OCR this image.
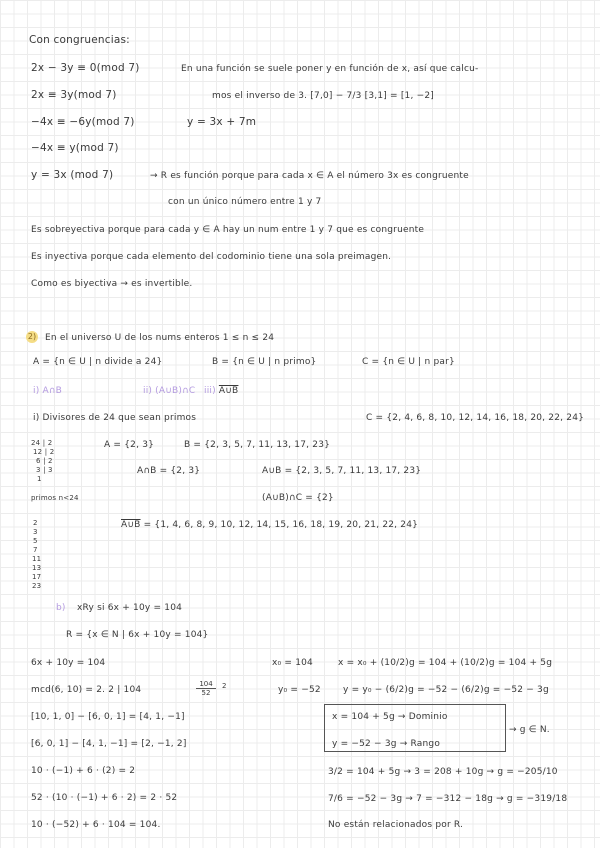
Con congruencias:
2x − 3y ≡ 0(mod 7)
2x ≡ 3y(mod 7)
−4x ≡ −6y(mod 7)
−4x ≡ y(mod 7)
y = 3x (mod 7)
En una función se suele poner y en función de x, así que calcu-
mos el inverso de 3. [7,0] − 7/3 [3,1] = [1, −2]
y = 3x + 7m
→ R es función porque para cada x ∈ A el número 3x es congruente
con un único número entre 1 y 7
Es sobreyectiva porque para cada y ∈ A hay un num entre 1 y 7 que es congruente
Es inyectiva porque cada elemento del codominio tiene una sola preimagen.
Como es biyectiva → es invertible.
2) En el universo U de los nums enteros 1 ≤ n ≤ 24
A = {n ∈ U | n divide a 24}	B = {n ∈ U | n primo}	C = {n ∈ U | n par}
i) A∩B	ii) (A∪B)∩C iii) A∪B
i) Divisores de 24 que sean primos	C = {2, 4, 6, 8, 10, 12, 14, 16, 18, 20, 22, 24}
24 | 2
12 | 2
6 | 2
3 | 3
1
A = {2, 3}	B = {2, 3, 5, 7, 11, 13, 17, 23}
A∩B = {2, 3}	A∪B = {2, 3, 5, 7, 11, 13, 17, 23}
primos n<24	(A∪B)∩C = {2}
2
3
5
7
11
13
17
23
A∪B = {1, 4, 6, 8, 9, 10, 12, 14, 15, 16, 18, 19, 20, 21, 22, 24}
b) xRy si 6x + 10y = 104
R = {x ∈ N | 6x + 10y = 104}
6x + 10y = 104	x₀ = 104	x = x₀ + (10/2)g = 104 + (10/2)g = 104 + 5g
mcd(6, 10) = 2. 2 | 104	$\frac{104}{52} 2$	y₀ = −52 y = y₀ − (6/2)g = −52 − (6/2)g = −52 − 3g
[10, 1, 0] − [6, 0, 1] = [4, 1, −1]
[6, 0, 1] − [4, 1, −1] = [2, −1, 2]
x = 104 + 5g → Dominio
y = −52 − 3g → Rango
→ g ∈ N.
10 · (−1) + 6 · (2) = 2
52 · (10 · (−1) + 6 · 2) = 2 · 52
10 · (−52) + 6 · 104 = 104.
3/2 = 104 + 5g → 3 = 208 + 10g → g = −205/10
7/6 = −52 − 3g → 7 = −312 − 18g → g = −319/18
No están relacionados por R.
